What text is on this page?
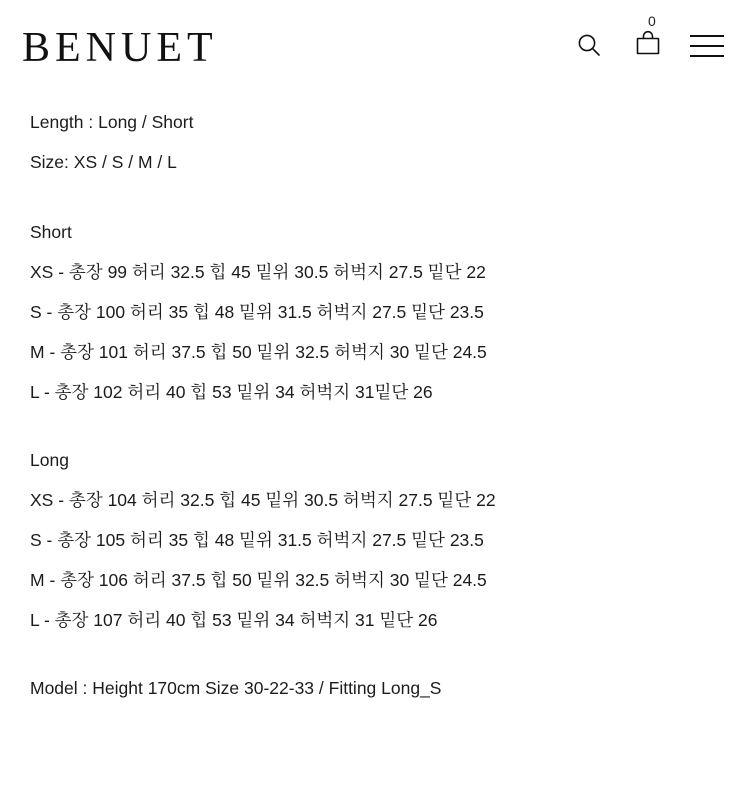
BENUET
0
Length : Long / Short
Size: XS / S / M / L
Short
XS - 총장 99 허리 32.5 힙 45 밑위 30.5 허벅지 27.5 밑단 22
S - 총장 100 허리 35 힙 48 밑위 31.5 허벅지 27.5 밑단 23.5
M - 총장 101 허리 37.5 힙 50 밑위 32.5 허벅지 30 밑단 24.5
L - 총장 102 허리 40 힙 53 밑위 34 허벅지 31밑단 26
Long
XS - 총장 104 허리 32.5 힙 45 밑위 30.5 허벅지 27.5 밑단 22
S - 총장 105 허리 35 힙 48 밑위 31.5 허벅지 27.5 밑단 23.5
M - 총장 106 허리 37.5 힙 50 밑위 32.5 허벅지 30 밑단 24.5
L - 총장 107 허리 40 힙 53 밑위 34 허벅지 31 밑단 26
Model : Height 170cm Size 30-22-33 / Fitting Long_S
